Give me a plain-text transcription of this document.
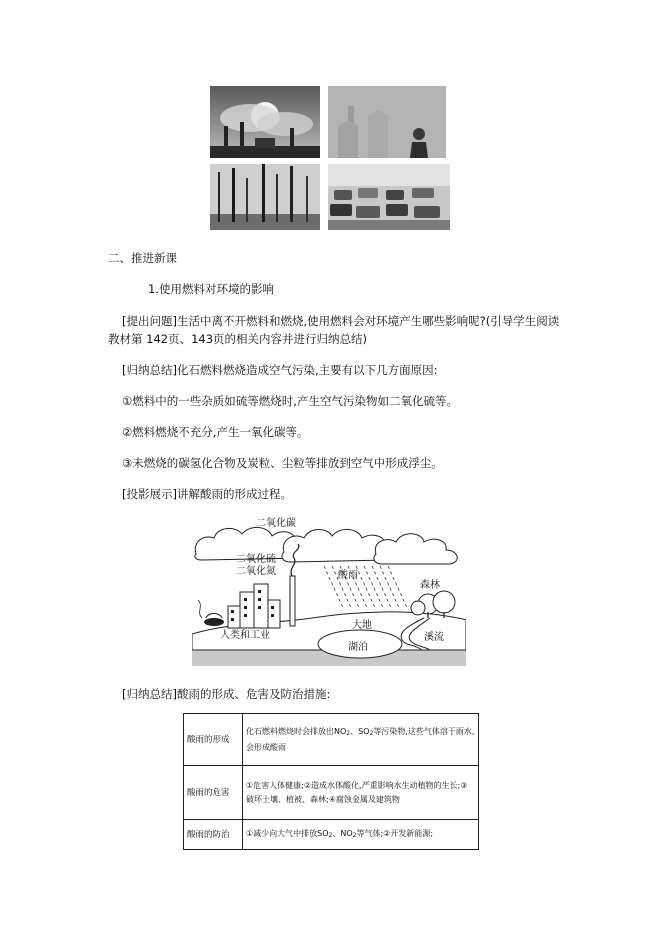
二、推进新课
1.使用燃料对环境的影响
[提出问题]生活中离不开燃料和燃烧,使用燃料会对环境产生哪些影响呢?(引导学生阅读
教材第 142页、143页的相关内容并进行归纳总结)
[归纳总结]化石燃料燃烧造成空气污染,主要有以下几方面原因:
①燃料中的一些杂质如硫等燃烧时,产生空气污染物如二氧化硫等。
②燃料燃烧不充分,产生一氧化碳等。
③未燃烧的碳氢化合物及炭粒、尘粒等排放到空气中形成浮尘。
[投影展示]讲解酸雨的形成过程。
二氧化碳
二氧化硫
二氧化氮	酸雨
森林
人类和工业
大地
溪流
湖泊
[归纳总结]酸雨的形成、危害及防治措施:
酸雨的形成	化石燃料燃烧时会排放出NO2、SO2等污染物,这些气体溶于雨水,会形成酸雨
酸雨的危害	①危害人体健康;②造成水体酸化,严重影响水生动植物的生长;③破坏土壤、植被、森林;④腐蚀金属及建筑物
酸雨的防治	①减少向大气中排放SO2、NO2等气体;②开发新能源;
